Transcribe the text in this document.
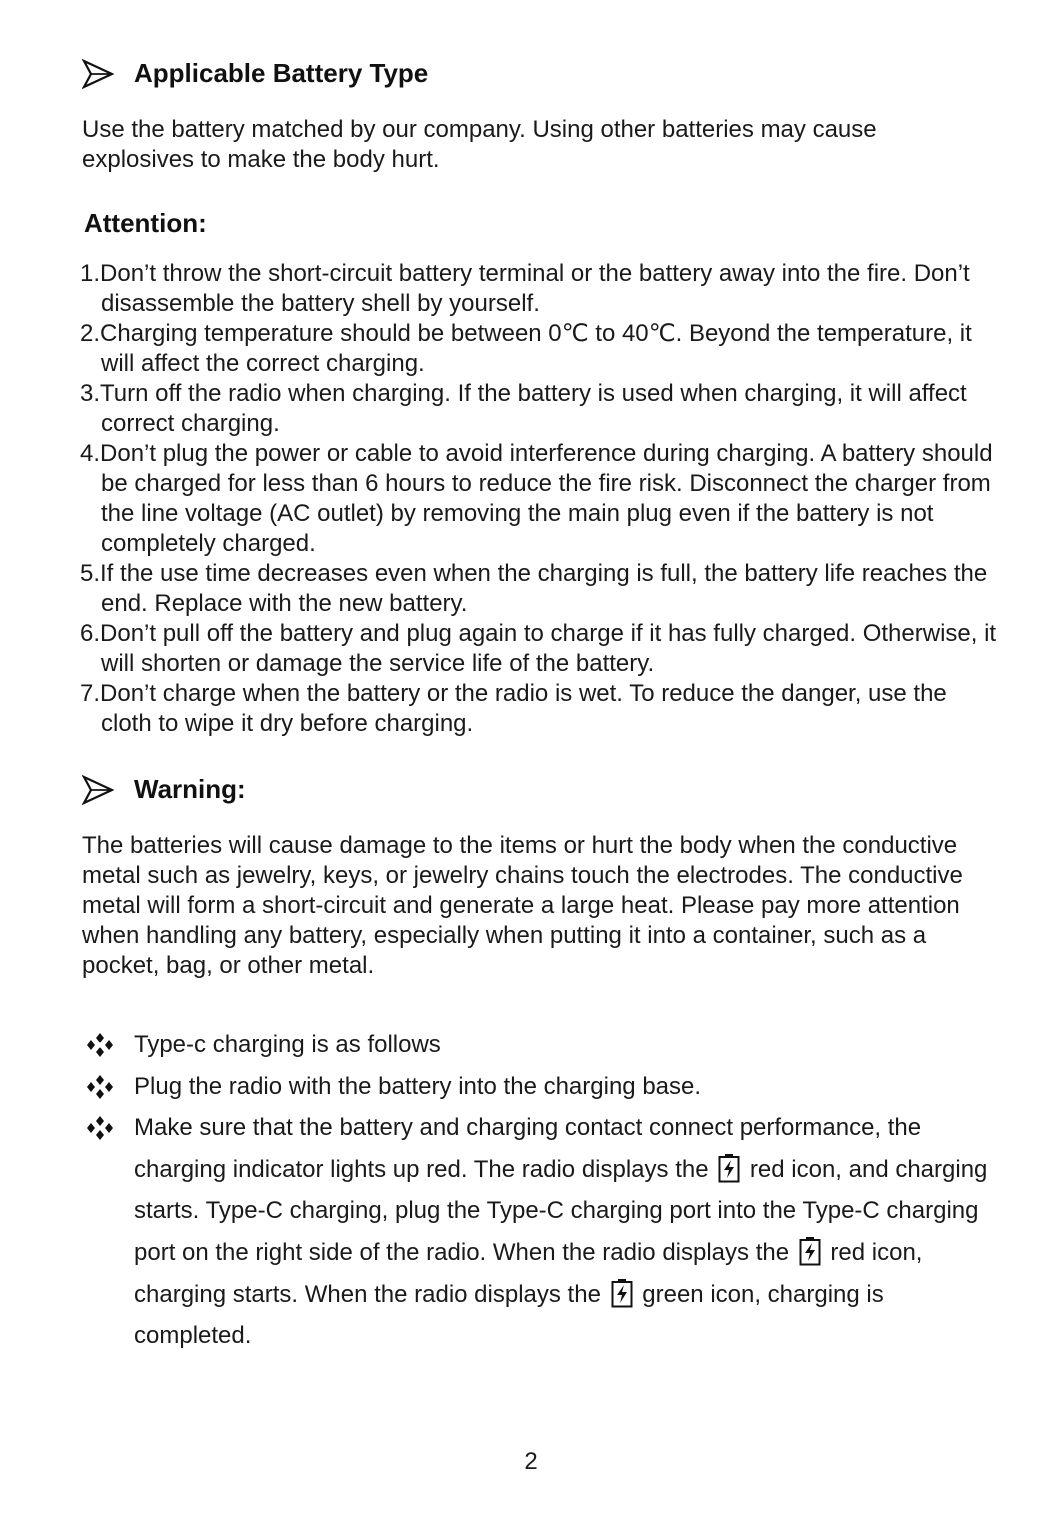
Applicable Battery Type
Use the battery matched by our company. Using other batteries may cause explosives to make the body hurt.
Attention:
1.Don’t throw the short-circuit battery terminal or the battery away into the fire. Don’t disassemble the battery shell by yourself.
2.Charging temperature should be between 0℃ to 40℃. Beyond the temperature, it will affect the correct charging.
3.Turn off the radio when charging. If the battery is used when charging, it will affect correct charging.
4.Don’t plug the power or cable to avoid interference during charging. A battery should be charged for less than 6 hours to reduce the fire risk. Disconnect the charger from the line voltage (AC outlet) by removing the main plug even if the battery is not completely charged.
5.If the use time decreases even when the charging is full, the battery life reaches the end. Replace with the new battery.
6.Don’t pull off the battery and plug again to charge if it has fully charged. Otherwise, it will shorten or damage the service life of the battery.
7.Don’t charge when the battery or the radio is wet. To reduce the danger, use the cloth to wipe it dry before charging.
Warning:
The batteries will cause damage to the items or hurt the body when the conductive metal such as jewelry, keys, or jewelry chains touch the electrodes. The conductive metal will form a short-circuit and generate a large heat. Please pay more attention when handling any battery, especially when putting it into a container, such as a pocket, bag, or other metal.
Type-c charging is as follows
Plug the radio with the battery into the charging base.
Make sure that the battery and charging contact connect performance, the charging indicator lights up red. The radio displays the red icon, and charging starts. Type-C charging, plug the Type-C charging port into the Type-C charging port on the right side of the radio. When the radio displays the red icon, charging starts. When the radio displays the green icon, charging is completed.
2
